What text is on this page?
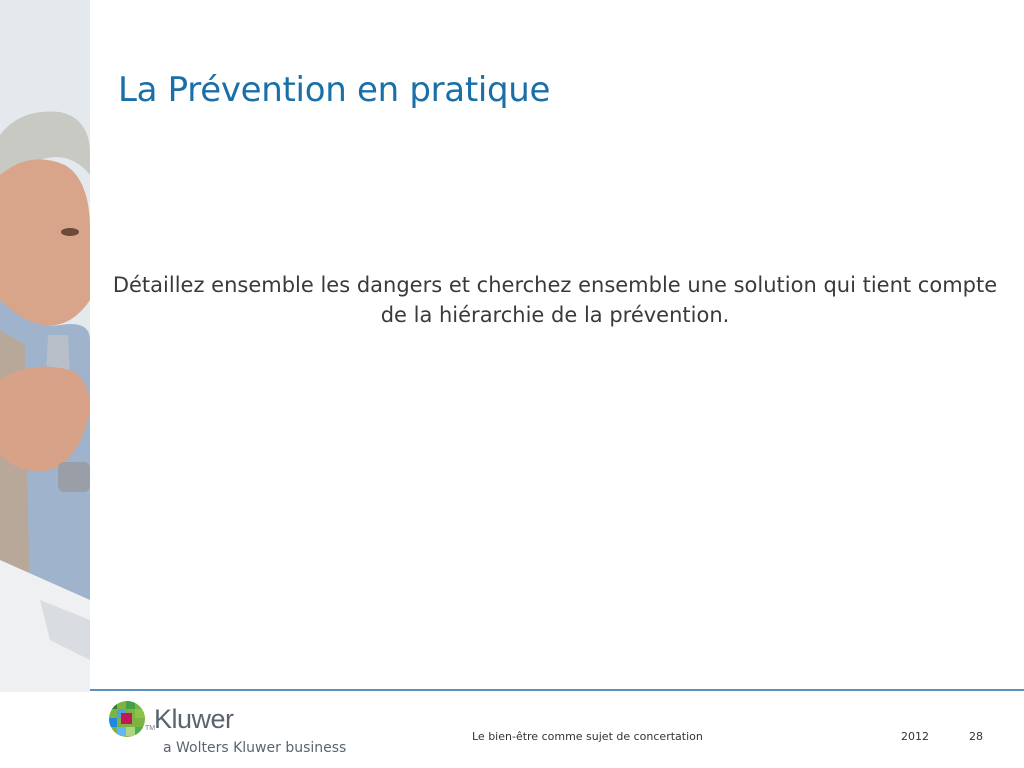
La Prévention en pratique

Détaillez ensemble les dangers et cherchez ensemble une solution qui tient compte de la hiérarchie de la prévention.

TM
Kluwer
a Wolters Kluwer business
Le bien-être comme sujet de concertation	2012	28
